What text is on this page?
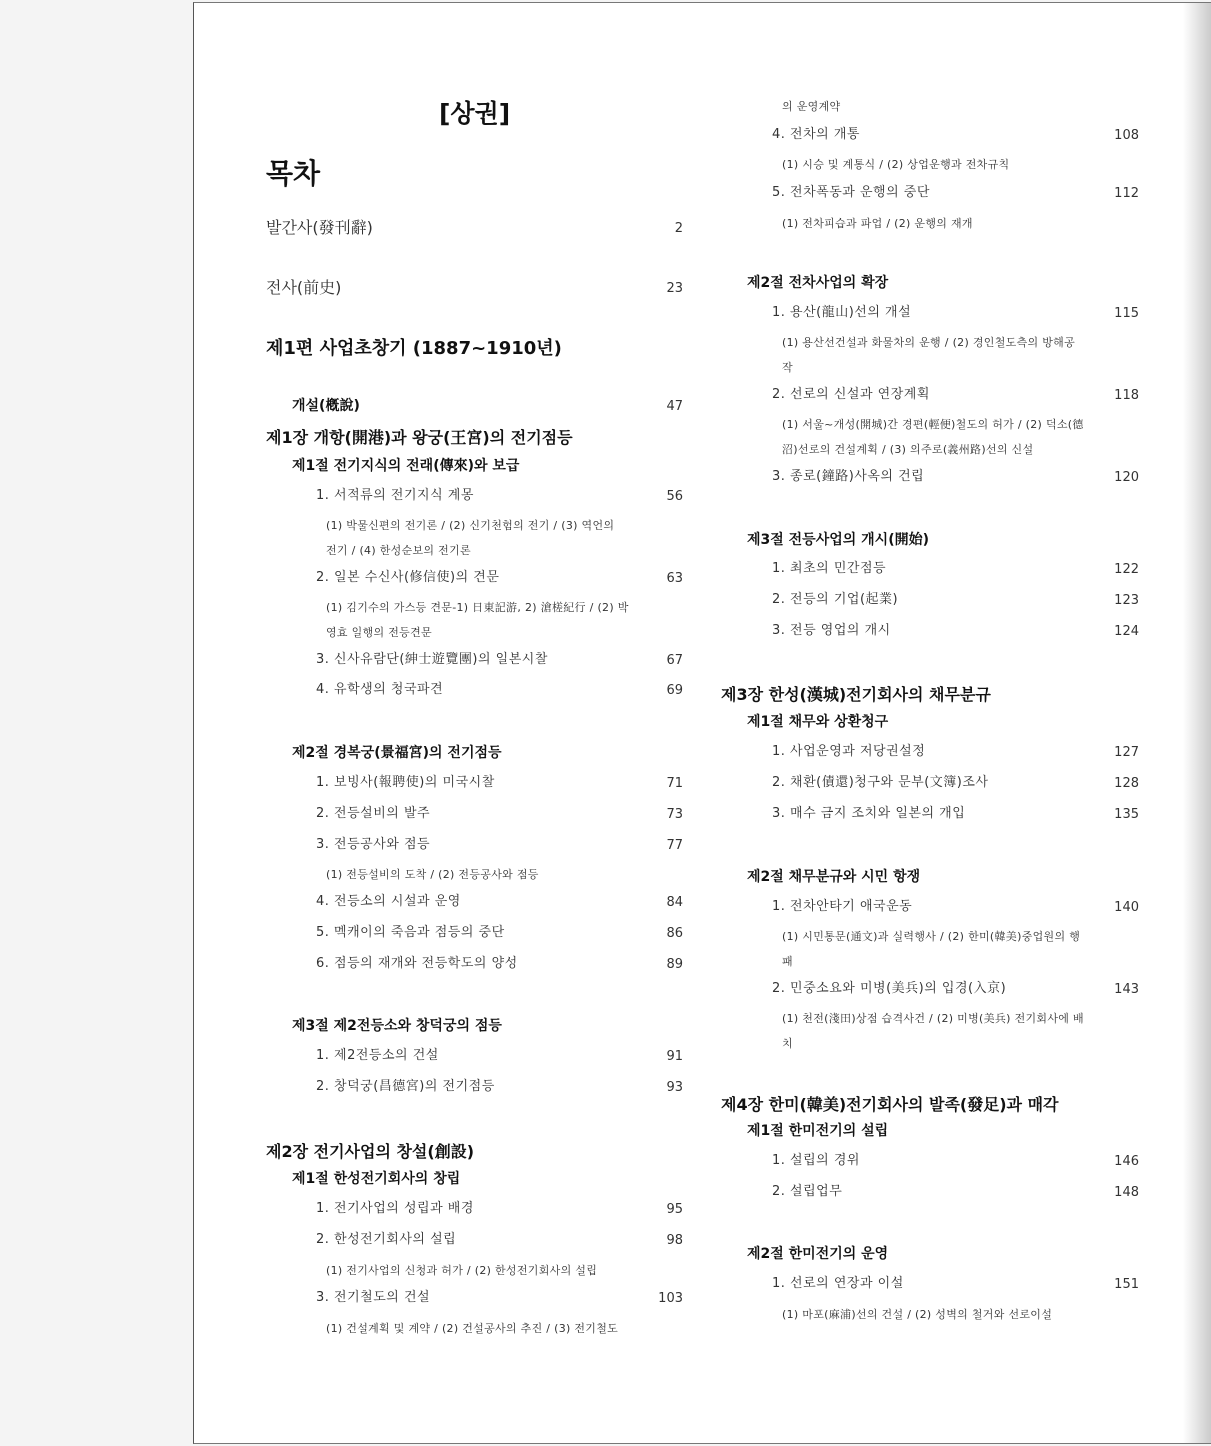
[상권]
목차
발간사(發刊辭)	2
전사(前史)	23
제1편 사업초창기 (1887~1910년)
개설(槪說)	47
제1장 개항(開港)과 왕궁(王宮)의 전기점등
제1절 전기지식의 전래(傳來)와 보급
1. 서적류의 전기지식 계몽	56
(1) 박물신편의 전기론 / (2) 신기천험의 전기 / (3) 역언의
전기 / (4) 한성순보의 전기론
2. 일본 수신사(修信使)의 견문	63
(1) 김기수의 가스등 견문-1) 日東記游, 2) 滄槎紀行 / (2) 박
영효 일행의 전등견문
3. 신사유람단(紳士遊覽團)의 일본시찰	67
4. 유학생의 청국파견	69
제2절 경복궁(景福宮)의 전기점등
1. 보빙사(報聘使)의 미국시찰	71
2. 전등설비의 발주	73
3. 전등공사와 점등	77
(1) 전등설비의 도착 / (2) 전등공사와 점등
4. 전등소의 시설과 운영	84
5. 멕캐이의 죽음과 점등의 중단	86
6. 점등의 재개와 전등학도의 양성	89
제3절 제2전등소와 창덕궁의 점등
1. 제2전등소의 건설	91
2. 창덕궁(昌德宮)의 전기점등	93
제2장 전기사업의 창설(創設)
제1절 한성전기회사의 창립
1. 전기사업의 성립과 배경	95
2. 한성전기회사의 설립	98
(1) 전기사업의 신청과 허가 / (2) 한성전기회사의 설립
3. 전기철도의 건설	103
(1) 건설계획 및 계약 / (2) 건설공사의 추진 / (3) 전기철도
의 운영계약
4. 전차의 개통	108
(1) 시승 및 계통식 / (2) 상업운행과 전차규칙
5. 전차폭동과 운행의 중단	112
(1) 전차피습과 파업 / (2) 운행의 재개
제2절 전차사업의 확장
1. 용산(龍山)선의 개설	115
(1) 용산선건설과 화물차의 운행 / (2) 경인철도측의 방해공
작
2. 선로의 신설과 연장계획	118
(1) 서울~개성(開城)간 경편(輕便)철도의 허가 / (2) 덕소(德
沼)선로의 건설계획 / (3) 의주로(義州路)선의 신설
3. 종로(鐘路)사옥의 건립	120
제3절 전등사업의 개시(開始)
1. 최초의 민간점등	122
2. 전등의 기업(起業)	123
3. 전등 영업의 개시	124
제3장 한성(漢城)전기회사의 채무분규
제1절 채무와 상환청구
1. 사업운영과 저당권설정	127
2. 채환(債還)청구와 문부(文簿)조사	128
3. 매수 금지 조치와 일본의 개입	135
제2절 채무분규와 시민 항쟁
1. 전차안타기 애국운동	140
(1) 시민통문(通文)과 실력행사 / (2) 한미(韓美)중업원의 행
패
2. 민중소요와 미병(美兵)의 입경(入京)	143
(1) 천전(淺田)상점 습격사건 / (2) 미병(美兵) 전기회사에 배
치
제4장 한미(韓美)전기회사의 발족(發足)과 매각
제1절 한미전기의 설립
1. 설립의 경위	146
2. 설립업무	148
제2절 한미전기의 운영
1. 선로의 연장과 이설	151
(1) 마포(麻浦)선의 건설 / (2) 성벽의 철거와 선로이설
